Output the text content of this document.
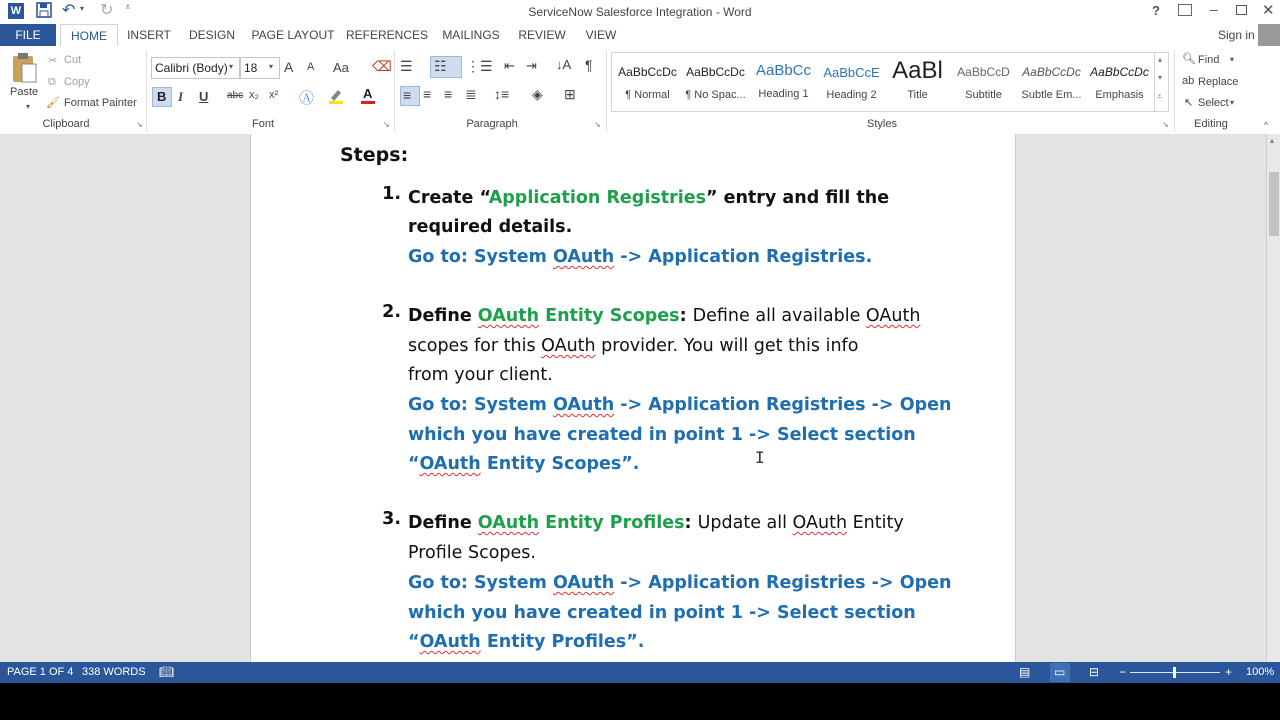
W	↶ ▾ ↻ ⩡	ServiceNow Salesforce Integration - Word	?	–	✕
FILE	HOME	INSERT	DESIGN	PAGE LAYOUT REFERENCES	MAILINGS	REVIEW	VIEW	Sign in
Paste
▾
✂ Cut
⧉ Copy
🖌 Format Painter
Clipboard	↘
Calibri (Body) ▾ 18 ▾ A A Aa ⌫
B I U abc x₂ x² Ⓐ	A
Font	↘
☰ ☷ ⋮☰ ⇤ ⇥ ↓A ¶
≡ ≡ ≡ ≣ ↕≡ ◈ ⊞
Paragraph	↘
AaBbCcDc
¶ Normal
AaBbCcDc
¶ No Spac...
AaBbCc
Heading 1
AaBbCcE
Heading 2
AaBl
Title
AaBbCcD
Subtitle
AaBbCcDc
Subtle Em...
AaBbCcDc
Emphasis
▴
▾
⩡
Styles	↘
🔍︎ Find ▾
ab Replace
↖ Select ▾
Editing	^
Steps:
1. Create “Application Registries” entry and fill the
required details.
Go to: System OAuth -> Application Registries.
2. Define OAuth Entity Scopes: Define all available OAuth
scopes for this OAuth provider. You will get this info
from your client.
Go to: System OAuth -> Application Registries -> Open
which you have created in point 1 -> Select section
“OAuth Entity Scopes”.
3. Define OAuth Entity Profiles: Update all OAuth Entity
Profile Scopes.
Go to: System OAuth -> Application Registries -> Open
which you have created in point 1 -> Select section
“OAuth Entity Profiles”.
I
▴
PAGE 1 OF 4 338 WORDS 📖︎	▤ ▭ ⊟ −	+ 100%
